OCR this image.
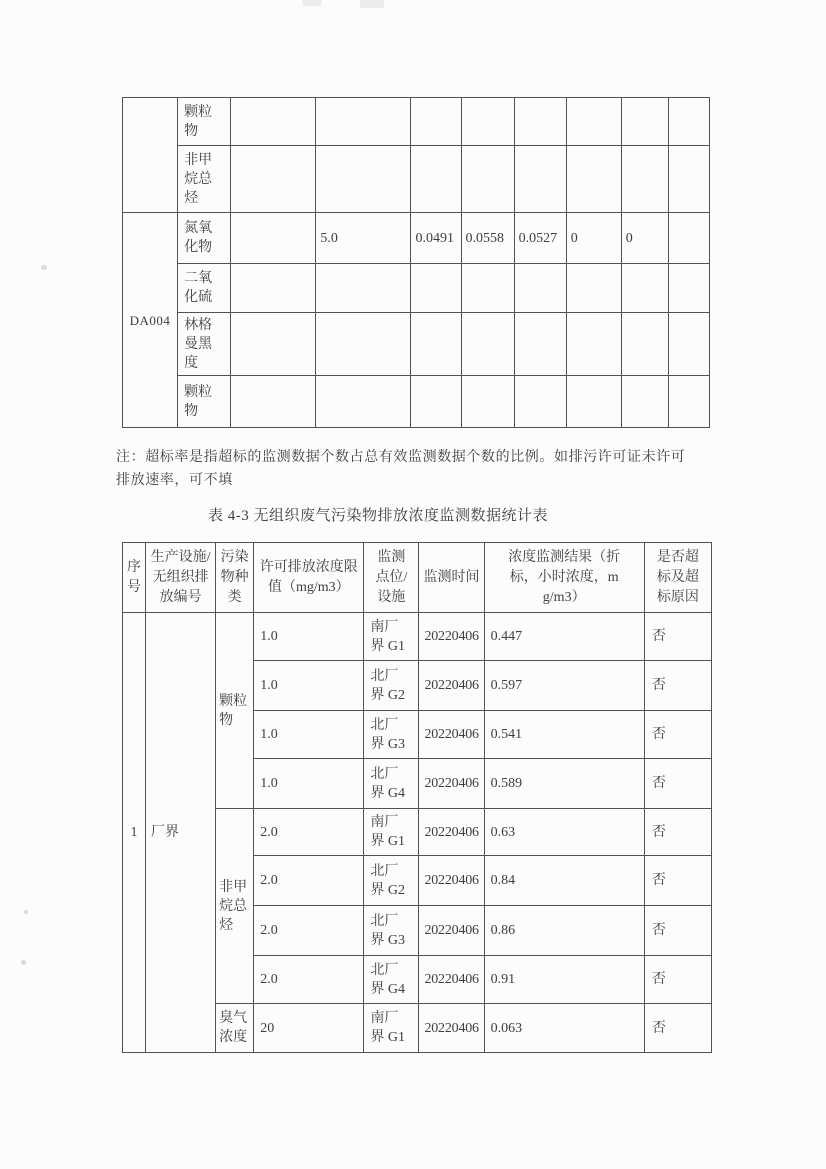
	颗粒物								
	非甲烷总烃								
DA004	氮氧化物		5.0	0.0491	0.0558	0.0527	0	0	
	二氧化硫								
	林格曼黑度								
	颗粒物								
注：超标率是指超标的监测数据个数占总有效监测数据个数的比例。如排污许可证未许可排放速率，可不填
表 4-3 无组织废气污染物排放浓度监测数据统计表
序号	生产设施/无组织排放编号	污染物种类	许可排放浓度限值（mg/m3）	监测点位/设施	监测时间	浓度监测结果（折标，小时浓度，mg/m3）	是否超标及超标原因
1	厂界	颗粒物	1.0	南厂界 G1	20220406	0.447	否
			1.0	北厂界 G2	20220406	0.597	否
			1.0	北厂界 G3	20220406	0.541	否
			1.0	北厂界 G4	20220406	0.589	否
		非甲烷总烃	2.0	南厂界 G1	20220406	0.63	否
			2.0	北厂界 G2	20220406	0.84	否
			2.0	北厂界 G3	20220406	0.86	否
			2.0	北厂界 G4	20220406	0.91	否
		臭气浓度	20	南厂界 G1	20220406	0.063	否
